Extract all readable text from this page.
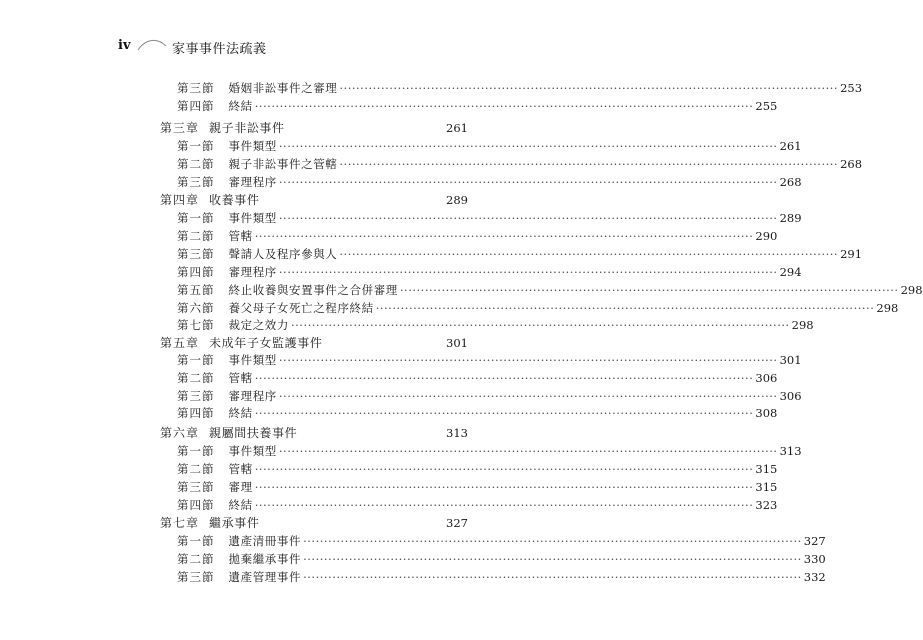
iv	家事事件法疏義
第三節 婚姻非訟事件之審理 ························································································································ 253
第四節 終結 ························································································································ 255
第三章 親子非訟事件	261
第一節 事件類型 ························································································································ 261
第二節 親子非訟事件之管轄 ························································································································ 268
第三節 審理程序 ························································································································ 268
第四章 收養事件	289
第一節 事件類型 ························································································································ 289
第二節 管轄 ························································································································ 290
第三節 聲請人及程序參與人 ························································································································ 291
第四節 審理程序 ························································································································ 294
第五節 終止收養與安置事件之合併審理 ························································································································ 298
第六節 養父母子女死亡之程序終結 ························································································································ 298
第七節 裁定之效力 ························································································································ 298
第五章 未成年子女監護事件	301
第一節 事件類型 ························································································································ 301
第二節 管轄 ························································································································ 306
第三節 審理程序 ························································································································ 306
第四節 終結 ························································································································ 308
第六章 親屬間扶養事件	313
第一節 事件類型 ························································································································ 313
第二節 管轄 ························································································································ 315
第三節 審理 ························································································································ 315
第四節 終結 ························································································································ 323
第七章 繼承事件	327
第一節 遺產清冊事件 ························································································································ 327
第二節 拋棄繼承事件 ························································································································ 330
第三節 遺產管理事件 ························································································································ 332
